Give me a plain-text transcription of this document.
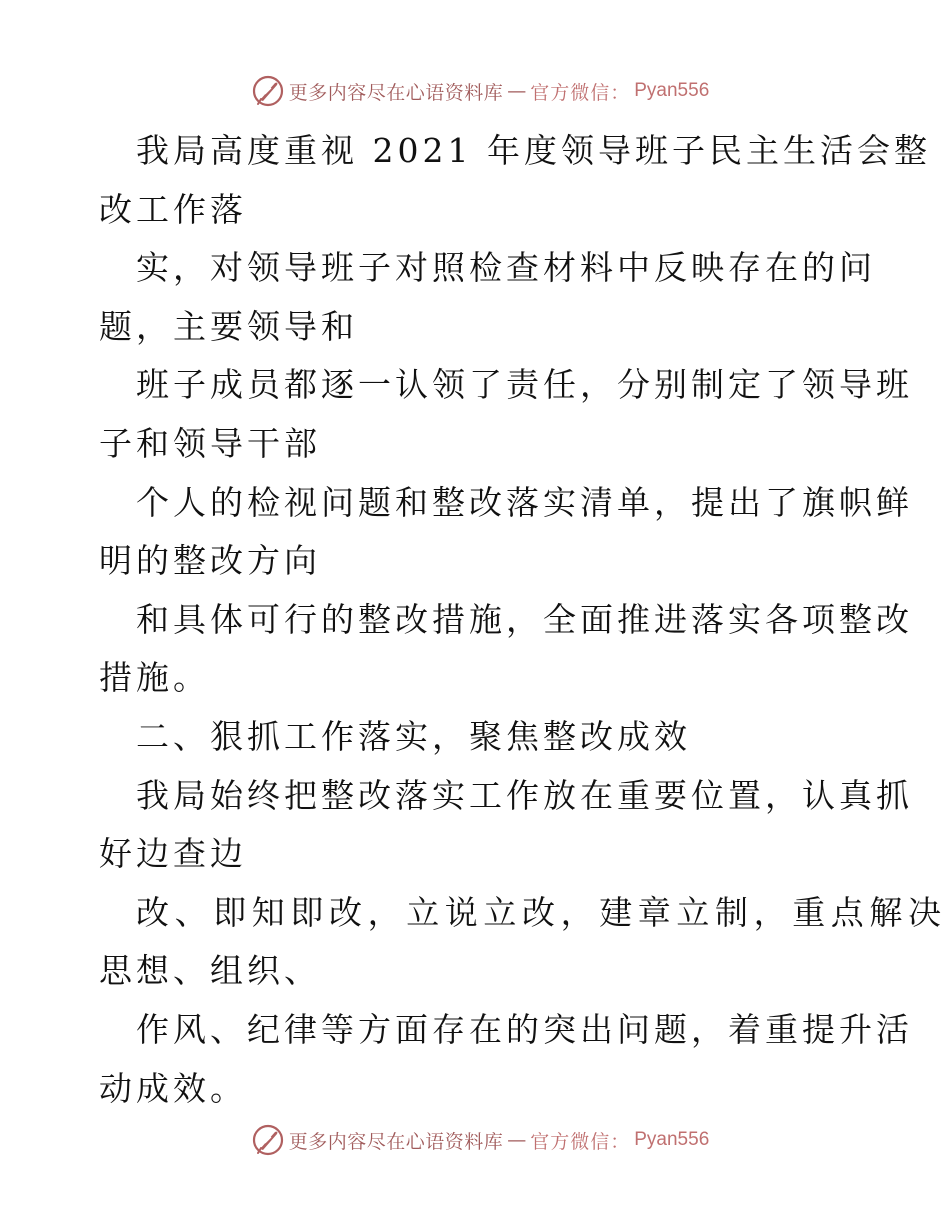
更多内容尽在心语资料库 — 官方微信： Pyan556
我局高度重视 2021 年度领导班子民主生活会整
改工作落
实，对领导班子对照检查材料中反映存在的问
题，主要领导和
班子成员都逐一认领了责任，分别制定了领导班
子和领导干部
个人的检视问题和整改落实清单，提出了旗帜鲜
明的整改方向
和具体可行的整改措施，全面推进落实各项整改
措施。
二、狠抓工作落实，聚焦整改成效
我局始终把整改落实工作放在重要位置，认真抓
好边查边
改、即知即改，立说立改，建章立制，重点解决
思想、组织、
作风、纪律等方面存在的突出问题，着重提升活
动成效。
更多内容尽在心语资料库 — 官方微信： Pyan556
